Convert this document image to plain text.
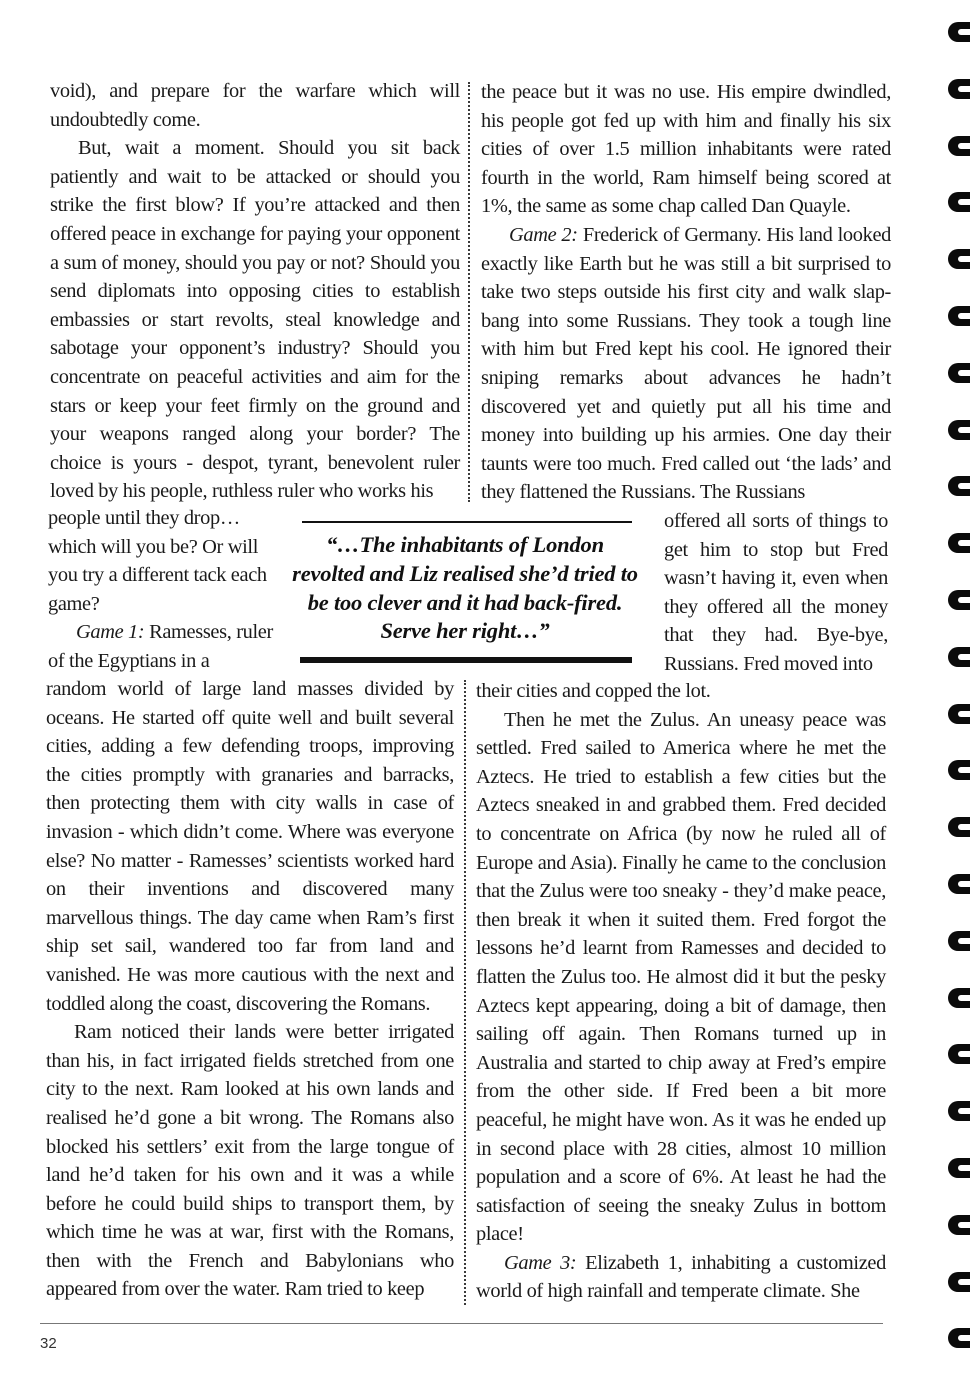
void), and prepare for the warfare which will undoubtedly come.

But, wait a moment. Should you sit back patiently and wait to be attacked or should you strike the first blow? If you’re attacked and then offered peace in exchange for paying your opponent a sum of money, should you pay or not? Should you send diplomats into opposing cities to establish embassies or start revolts, steal knowledge and sabotage your opponent’s industry? Should you concentrate on peaceful activities and aim for the stars or keep your feet firmly on the ground and your weapons ranged along your border? The choice is yours - despot, tyrant, benevolent ruler loved by his people, ruthless ruler who works his

people until they drop… which will you be? Or will you try a different tack each game?

Game 1: Ramesses, ruler of the Egyptians in a

“…The inhabitants of London revolted and Liz realised she’d tried to be too clever and it had back-fired. Serve her right…”

the peace but it was no use. His empire dwindled, his people got fed up with him and finally his six cities of over 1.5 million inhabitants were rated fourth in the world, Ram himself being scored at 1%, the same as some chap called Dan Quayle.

Game 2: Frederick of Germany. His land looked exactly like Earth but he was still a bit surprised to take two steps outside his first city and walk slap-bang into some Russians. They took a tough line with him but Fred kept his cool. He ignored their sniping remarks about advances he hadn’t discovered yet and quietly put all his time and money into building up his armies. One day their taunts were too much. Fred called out ‘the lads’ and they flattened the Russians. The Russians

offered all sorts of things to get him to stop but Fred wasn’t having it, even when they offered all the money that they had. Bye-bye, Russians. Fred moved into

random world of large land masses divided by oceans. He started off quite well and built several cities, adding a few defending troops, improving the cities promptly with granaries and barracks, then protecting them with city walls in case of invasion - which didn’t come. Where was everyone else? No matter - Ramesses’ scientists worked hard on their inventions and discovered many marvellous things. The day came when Ram’s first ship set sail, wandered too far from land and vanished. He was more cautious with the next and toddled along the coast, discovering the Romans.

Ram noticed their lands were better irrigated than his, in fact irrigated fields stretched from one city to the next. Ram looked at his own lands and realised he’d gone a bit wrong. The Romans also blocked his settlers’ exit from the large tongue of land he’d taken for his own and it was a while before he could build ships to transport them, by which time he was at war, first with the Romans, then with the French and Babylonians who appeared from over the water. Ram tried to keep

their cities and copped the lot.

Then he met the Zulus. An uneasy peace was settled. Fred sailed to America where he met the Aztecs. He tried to establish a few cities but the Aztecs sneaked in and grabbed them. Fred decided to concentrate on Africa (by now he ruled all of Europe and Asia). Finally he came to the conclusion that the Zulus were too sneaky - they’d make peace, then break it when it suited them. Fred forgot the lessons he’d learnt from Ramesses and decided to flatten the Zulus too. He almost did it but the pesky Aztecs kept appearing, doing a bit of damage, then sailing off again. Then Romans turned up in Australia and started to chip away at Fred’s empire from the other side. If Fred been a bit more peaceful, he might have won. As it was he ended up in second place with 28 cities, almost 10 million population and a score of 6%. At least he had the satisfaction of seeing the sneaky Zulus in bottom place!

Game 3: Elizabeth 1, inhabiting a customized world of high rainfall and temperate climate. She

32
